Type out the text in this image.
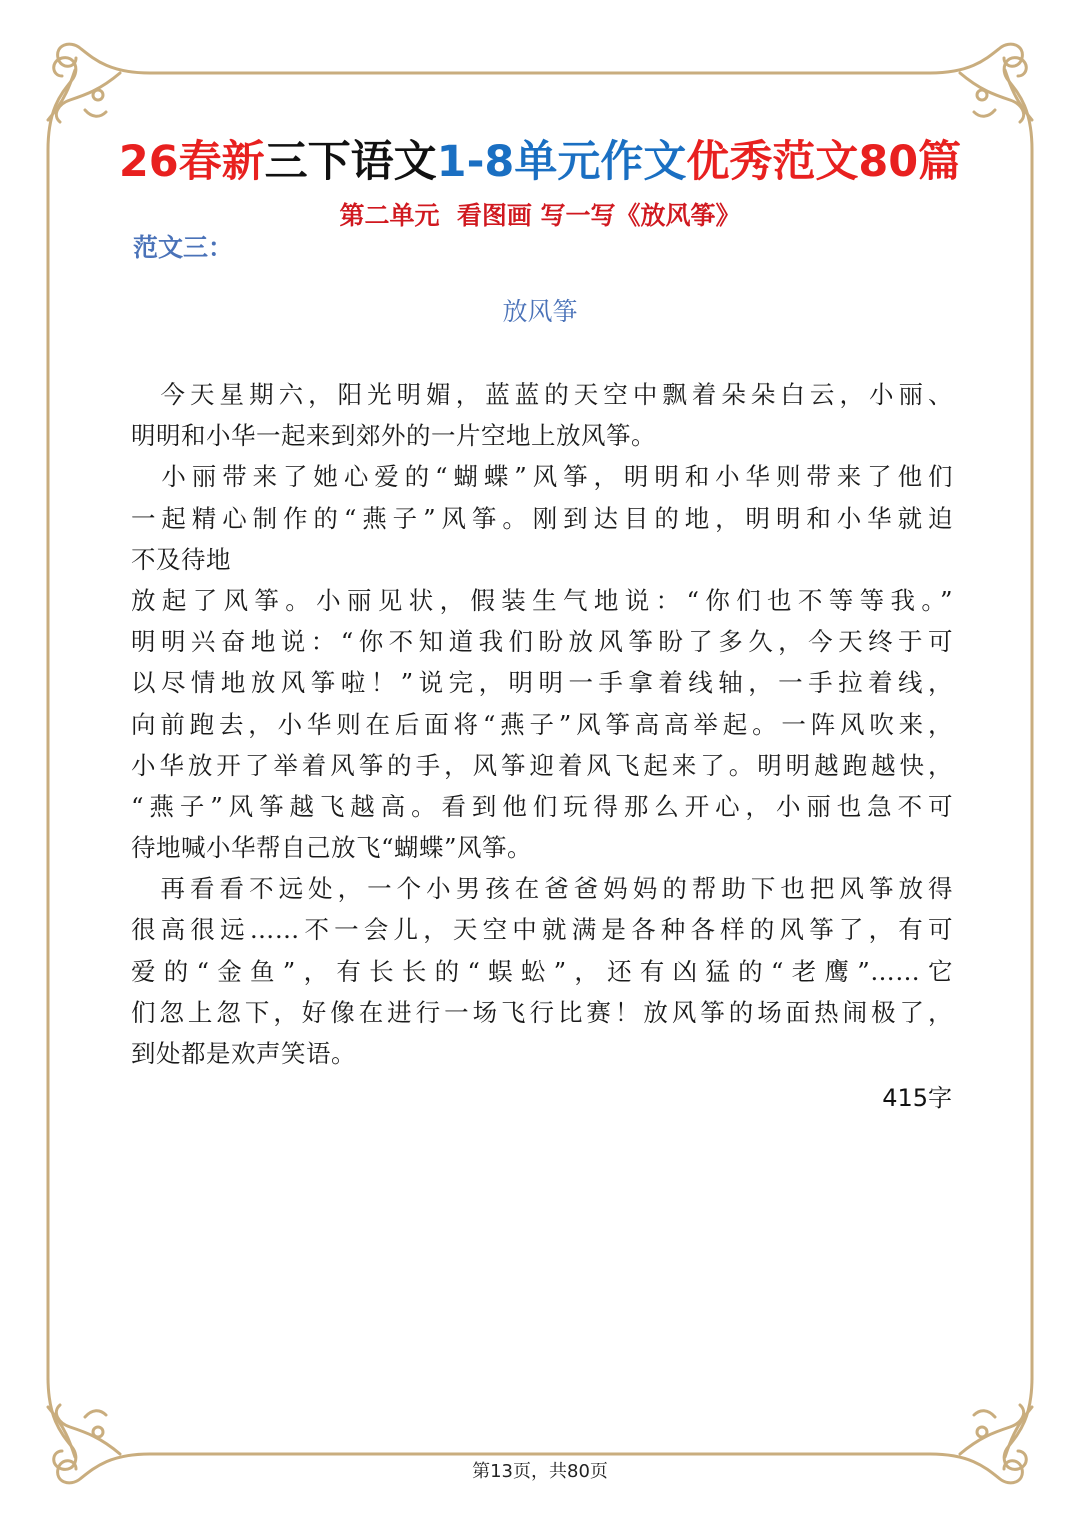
26春新三下语文1-8单元作文优秀范文80篇
第二单元  看图画 写一写《放风筝》
范文三：
放风筝
　今天星期六，阳光明媚，蓝蓝的天空中飘着朵朵白云，小丽、
明明和小华一起来到郊外的一片空地上放风筝。
　小丽带来了她心爱的“蝴蝶”风筝，明明和小华则带来了他们
一起精心制作的“燕子”风筝。刚到达目的地，明明和小华就迫
不及待地
放起了风筝。小丽见状，假装生气地说：“你们也不等等我。”
明明兴奋地说：“你不知道我们盼放风筝盼了多久，今天终于可
以尽情地放风筝啦！”说完，明明一手拿着线轴，一手拉着线，
向前跑去，小华则在后面将“燕子”风筝高高举起。一阵风吹来，
小华放开了举着风筝的手，风筝迎着风飞起来了。明明越跑越快，
“燕子”风筝越飞越高。看到他们玩得那么开心，小丽也急不可
待地喊小华帮自己放飞“蝴蝶”风筝。
　再看看不远处，一个小男孩在爸爸妈妈的帮助下也把风筝放得
很高很远……不一会儿，天空中就满是各种各样的风筝了，有可
爱的“金鱼”，有长长的“蜈蚣”，还有凶猛的“老鹰”……它
们忽上忽下，好像在进行一场飞行比赛！放风筝的场面热闹极了，
到处都是欢声笑语。
415字
第13页，共80页
